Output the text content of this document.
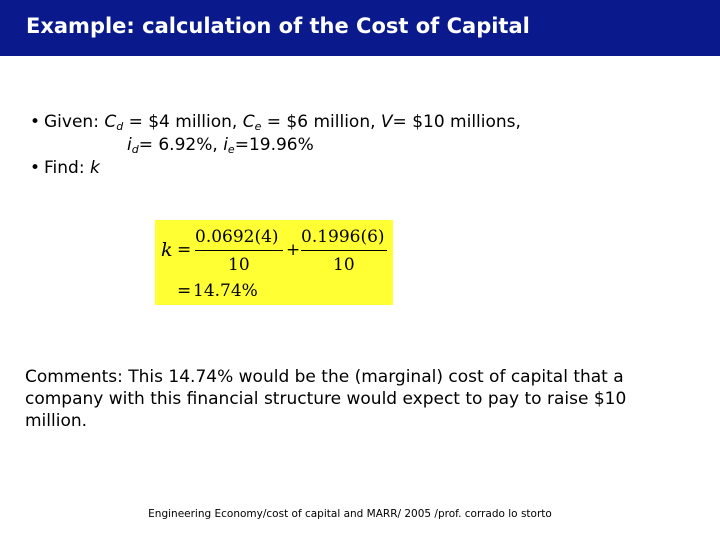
Example: calculation of the Cost of Capital
• Given: $C_d$ = $4 million, $C_e$ = $6 million, V= $10 millions,
$i_d= 6.92\%$, $i_e=19.96\%$
• Find: k
k =
0.0692(4)
10
+
0.1996(6)
10
= 14.74%
Comments: This 14.74% would be the (marginal) cost of capital that a company with this financial structure would expect to pay to raise $10 million.
Engineering Economy/cost of capital and MARR/ 2005 /prof. corrado lo storto
